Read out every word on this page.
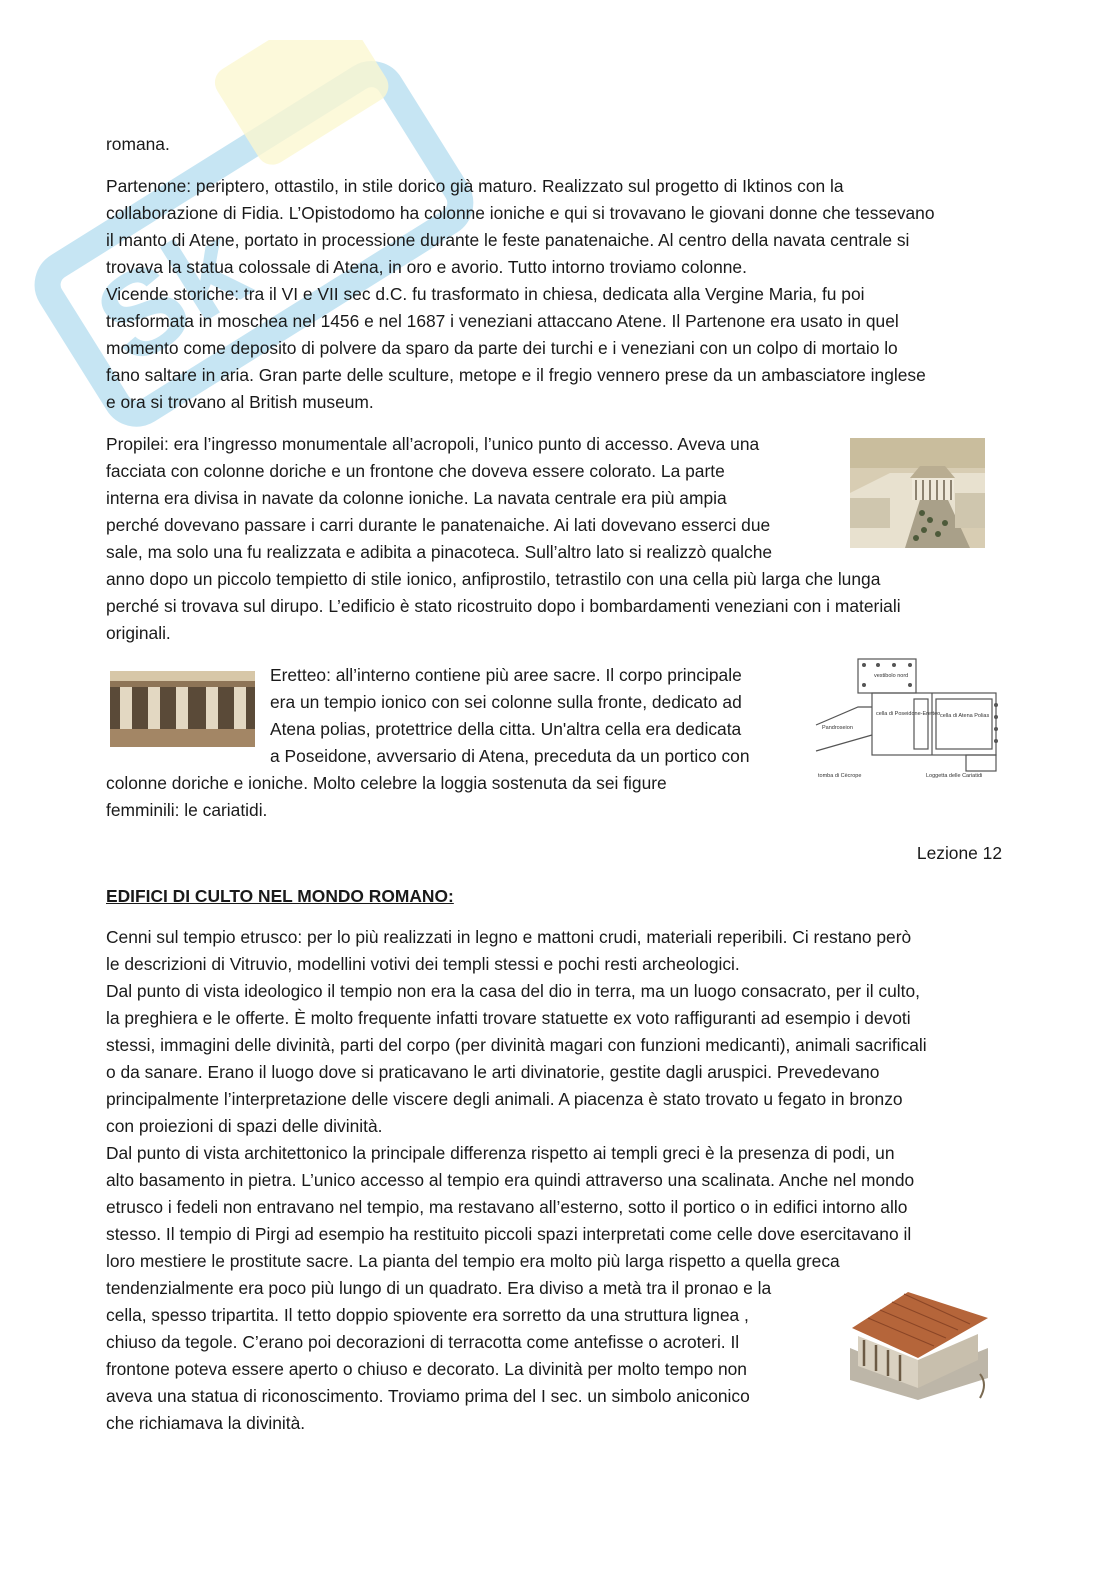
Sk

romana.

Partenone: periptero, ottastilo, in stile dorico già maturo. Realizzato sul progetto di Iktinos con la
collaborazione di Fidia. L’Opistodomo ha colonne ioniche e qui si trovavano le giovani donne che tessevano
il manto di Atene, portato in processione durante le feste panatenaiche. Al centro della navata centrale si
trovava la statua colossale di Atena, in oro e avorio. Tutto intorno troviamo colonne.
Vicende storiche: tra il VI e VII sec d.C. fu trasformato in chiesa, dedicata alla Vergine Maria, fu poi
trasformata in moschea nel 1456 e nel 1687 i veneziani attaccano Atene. Il Partenone era usato in quel
momento come deposito di polvere da sparo da parte dei turchi e i veneziani con un colpo di mortaio lo
fano saltare in aria. Gran parte delle sculture, metope e il fregio vennero prese da un ambasciatore inglese
e ora si trovano al British museum.
Propilei: era l’ingresso monumentale all’acropoli, l’unico punto di accesso. Aveva una
facciata con colonne doriche e un frontone che doveva essere colorato. La parte
interna era divisa in navate da colonne ioniche. La navata centrale era più ampia
perché dovevano passare i carri durante le panatenaiche. Ai lati dovevano esserci due
sale, ma solo una fu realizzata e adibita a pinacoteca. Sull’altro lato si realizzò qualche
anno dopo un piccolo tempietto di stile ionico, anfiprostilo, tetrastilo con una cella più larga che lunga
perché si trovava sul dirupo. L’edificio è stato ricostruito dopo i bombardamenti veneziani con i materiali
originali.
Eretteo: all’interno contiene più aree sacre. Il corpo principale
era un tempio ionico con sei colonne sulla fronte, dedicato ad
Atena polias, protettrice della citta. Un'altra cella era dedicata
a Poseidone, avversario di Atena, preceduta da un portico con
colonne doriche e ioniche. Molto celebre la loggia sostenuta da sei figure
femminili: le cariatidi.
vestibolo nord
cella di Poseidone-Eretteo cella di Atena Polias
Pandroseion
tomba di Cècrope	Loggetta delle Cariatidi

Lezione 12

EDIFICI DI CULTO NEL MONDO ROMANO:

Cenni sul tempio etrusco: per lo più realizzati in legno e mattoni crudi, materiali reperibili. Ci restano però
le descrizioni di Vitruvio, modellini votivi dei templi stessi e pochi resti archeologici.
Dal punto di vista ideologico il tempio non era la casa del dio in terra, ma un luogo consacrato, per il culto,
la preghiera e le offerte. È molto frequente infatti trovare statuette ex voto raffiguranti ad esempio i devoti
stessi, immagini delle divinità, parti del corpo (per divinità magari con funzioni medicanti), animali sacrificali
o da sanare. Erano il luogo dove si praticavano le arti divinatorie, gestite dagli aruspici. Prevedevano
principalmente l’interpretazione delle viscere degli animali. A piacenza è stato trovato u fegato in bronzo
con proiezioni di spazi delle divinità.
Dal punto di vista architettonico la principale differenza rispetto ai templi greci è la presenza di podi, un
alto basamento in pietra. L’unico accesso al tempio era quindi attraverso una scalinata. Anche nel mondo
etrusco i fedeli non entravano nel tempio, ma restavano all’esterno, sotto il portico o in edifici intorno allo
stesso. Il tempio di Pirgi ad esempio ha restituito piccoli spazi interpretati come celle dove esercitavano il
loro mestiere le prostitute sacre. La pianta del tempio era molto più larga rispetto a quella greca
tendenzialmente era poco più lungo di un quadrato. Era diviso a metà tra il pronao e la
cella, spesso tripartita. Il tetto doppio spiovente era sorretto da una struttura lignea ,
chiuso da tegole. C’erano poi decorazioni di terracotta come antefisse o acroteri. Il
frontone poteva essere aperto o chiuso e decorato. La divinità per molto tempo non
aveva una statua di riconoscimento. Troviamo prima del I sec. un simbolo aniconico
che richiamava la divinità.
